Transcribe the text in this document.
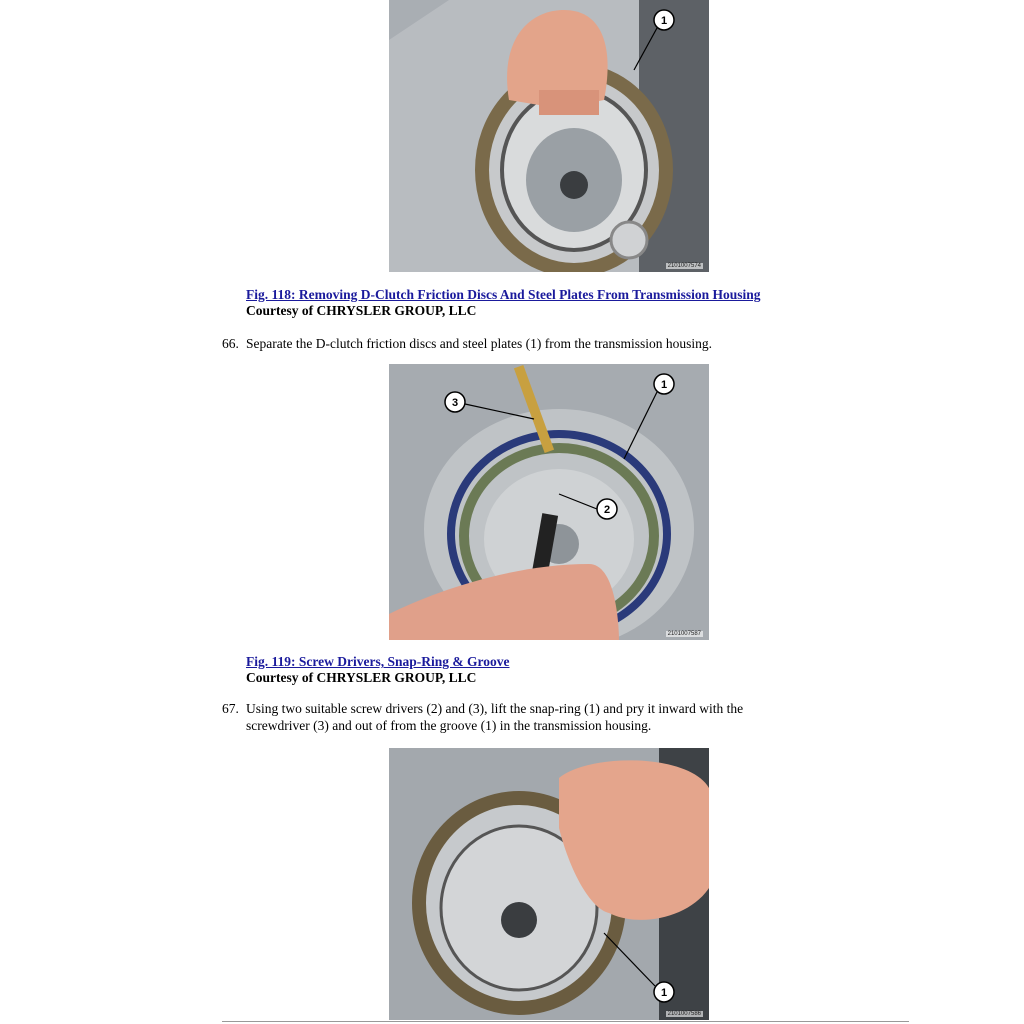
1
2101007574
Fig. 118: Removing D-Clutch Friction Discs And Steel Plates From Transmission Housing
Courtesy of CHRYSLER GROUP, LLC
66. Separate the D-clutch friction discs and steel plates (1) from the transmission housing.
1
2
3
2101007587
Fig. 119: Screw Drivers, Snap-Ring & Groove
Courtesy of CHRYSLER GROUP, LLC
67. Using two suitable screw drivers (2) and (3), lift the snap-ring (1) and pry it inward with the screwdriver (3) and out of from the groove (1) in the transmission housing.
1
2101007586
